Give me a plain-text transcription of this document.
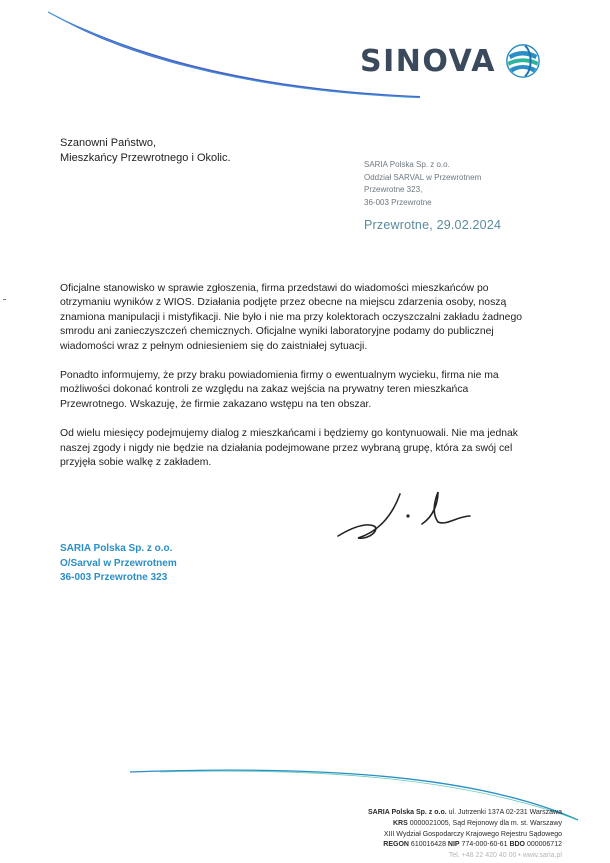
SINOVA
Szanowni Państwo,
Mieszkańcy Przewrotnego i Okolic.
SARIA Polska Sp. z o.o.
Oddział SARVAL w Przewrotnem
Przewrotne 323,
36-003 Przewrotne
Przewrotne, 29.02.2024

Oficjalne stanowisko w sprawie zgłoszenia, firma przedstawi do wiadomości mieszkańców po otrzymaniu wyników z WIOS. Działania podjęte przez obecne na miejscu zdarzenia osoby, noszą znamiona manipulacji i mistyfikacji. Nie było i nie ma przy kolektorach oczyszczalni zakładu żadnego smrodu ani zanieczyszczeń chemicznych. Oficjalne wyniki laboratoryjne podamy do publicznej wiadomości wraz z pełnym odniesieniem się do zaistniałej sytuacji.

Ponadto informujemy, że przy braku powiadomienia firmy o ewentualnym wycieku, firma nie ma możliwości dokonać kontroli ze względu na zakaz wejścia na prywatny teren mieszkańca Przewrotnego. Wskazuję, że firmie zakazano wstępu na ten obszar.

Od wielu miesięcy podejmujemy dialog z mieszkańcami i będziemy go kontynuowali. Nie ma jednak naszej zgody i nigdy nie będzie na działania podejmowane przez wybraną grupę, która za swój cel przyjęła sobie walkę z zakładem.

SARIA Polska Sp. z o.o.
O/Sarval w Przewrotnem
36-003 Przewrotne 323
SARIA Polska Sp. z o.o. ul. Jutrzenki 137A 02-231 Warszawa
KRS 0000021005, Sąd Rejonowy dla m. st. Warszawy
XIII Wydział Gospodarczy Krajowego Rejestru Sądowego
REGON 610016428 NIP 774-000-60-61 BDO 000006712
Tel. +48 22 420 40 00 • www.saria.pl
